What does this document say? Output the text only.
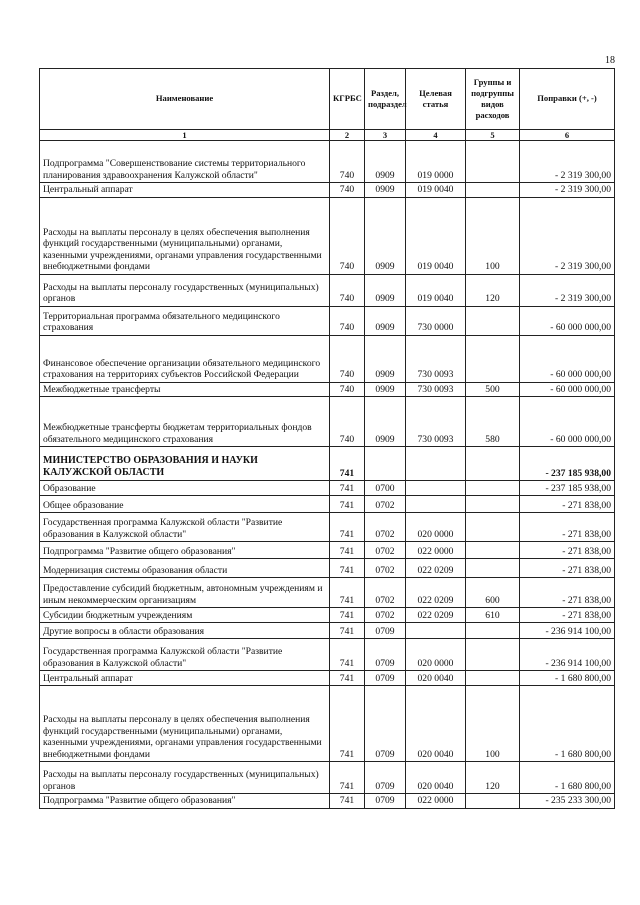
18
Наименование	КГРБС	Раздел, подраздел	Целевая статья	Группы и подгруппы видов расходов	Поправки (+, -)
1	2	3	4	5	6
Подпрограмма "Совершенствование системы территориального планирования здравоохранения Калужской области"	740	0909	019 0000		- 2 319 300,00
Центральный аппарат	740	0909	019 0040		- 2 319 300,00
Расходы на выплаты персоналу в целях обеспечения выполнения функций государственными (муниципальными) органами, казенными учреждениями, органами управления государственными внебюджетными фондами	740	0909	019 0040	100	- 2 319 300,00
Расходы на выплаты персоналу государственных (муниципальных) органов	740	0909	019 0040	120	- 2 319 300,00
Территориальная программа обязательного медицинского страхования	740	0909	730 0000		- 60 000 000,00
Финансовое обеспечение организации обязательного медицинского страхования на территориях субъектов Российской Федерации	740	0909	730 0093		- 60 000 000,00
Межбюджетные трансферты	740	0909	730 0093	500	- 60 000 000,00
Межбюджетные трансферты бюджетам территориальных фондов обязательного медицинского страхования	740	0909	730 0093	580	- 60 000 000,00
МИНИСТЕРСТВО ОБРАЗОВАНИЯ И НАУКИ КАЛУЖСКОЙ ОБЛАСТИ	741				- 237 185 938,00
Образование	741	0700			- 237 185 938,00
Общее образование	741	0702			- 271 838,00
Государственная программа Калужской области "Развитие образования в Калужской области"	741	0702	020 0000		- 271 838,00
Подпрограмма "Развитие общего образования"	741	0702	022 0000		- 271 838,00
Модернизация системы образования области	741	0702	022 0209		- 271 838,00
Предоставление субсидий бюджетным, автономным учреждениям и иным некоммерческим организациям	741	0702	022 0209	600	- 271 838,00
Субсидии бюджетным учреждениям	741	0702	022 0209	610	- 271 838,00
Другие вопросы в области образования	741	0709			- 236 914 100,00
Государственная программа Калужской области "Развитие образования в Калужской области"	741	0709	020 0000		- 236 914 100,00
Центральный аппарат	741	0709	020 0040		- 1 680 800,00
Расходы на выплаты персоналу в целях обеспечения выполнения функций государственными (муниципальными) органами, казенными учреждениями, органами управления государственными внебюджетными фондами	741	0709	020 0040	100	- 1 680 800,00
Расходы на выплаты персоналу государственных (муниципальных) органов	741	0709	020 0040	120	- 1 680 800,00
Подпрограмма "Развитие общего образования"	741	0709	022 0000		- 235 233 300,00
